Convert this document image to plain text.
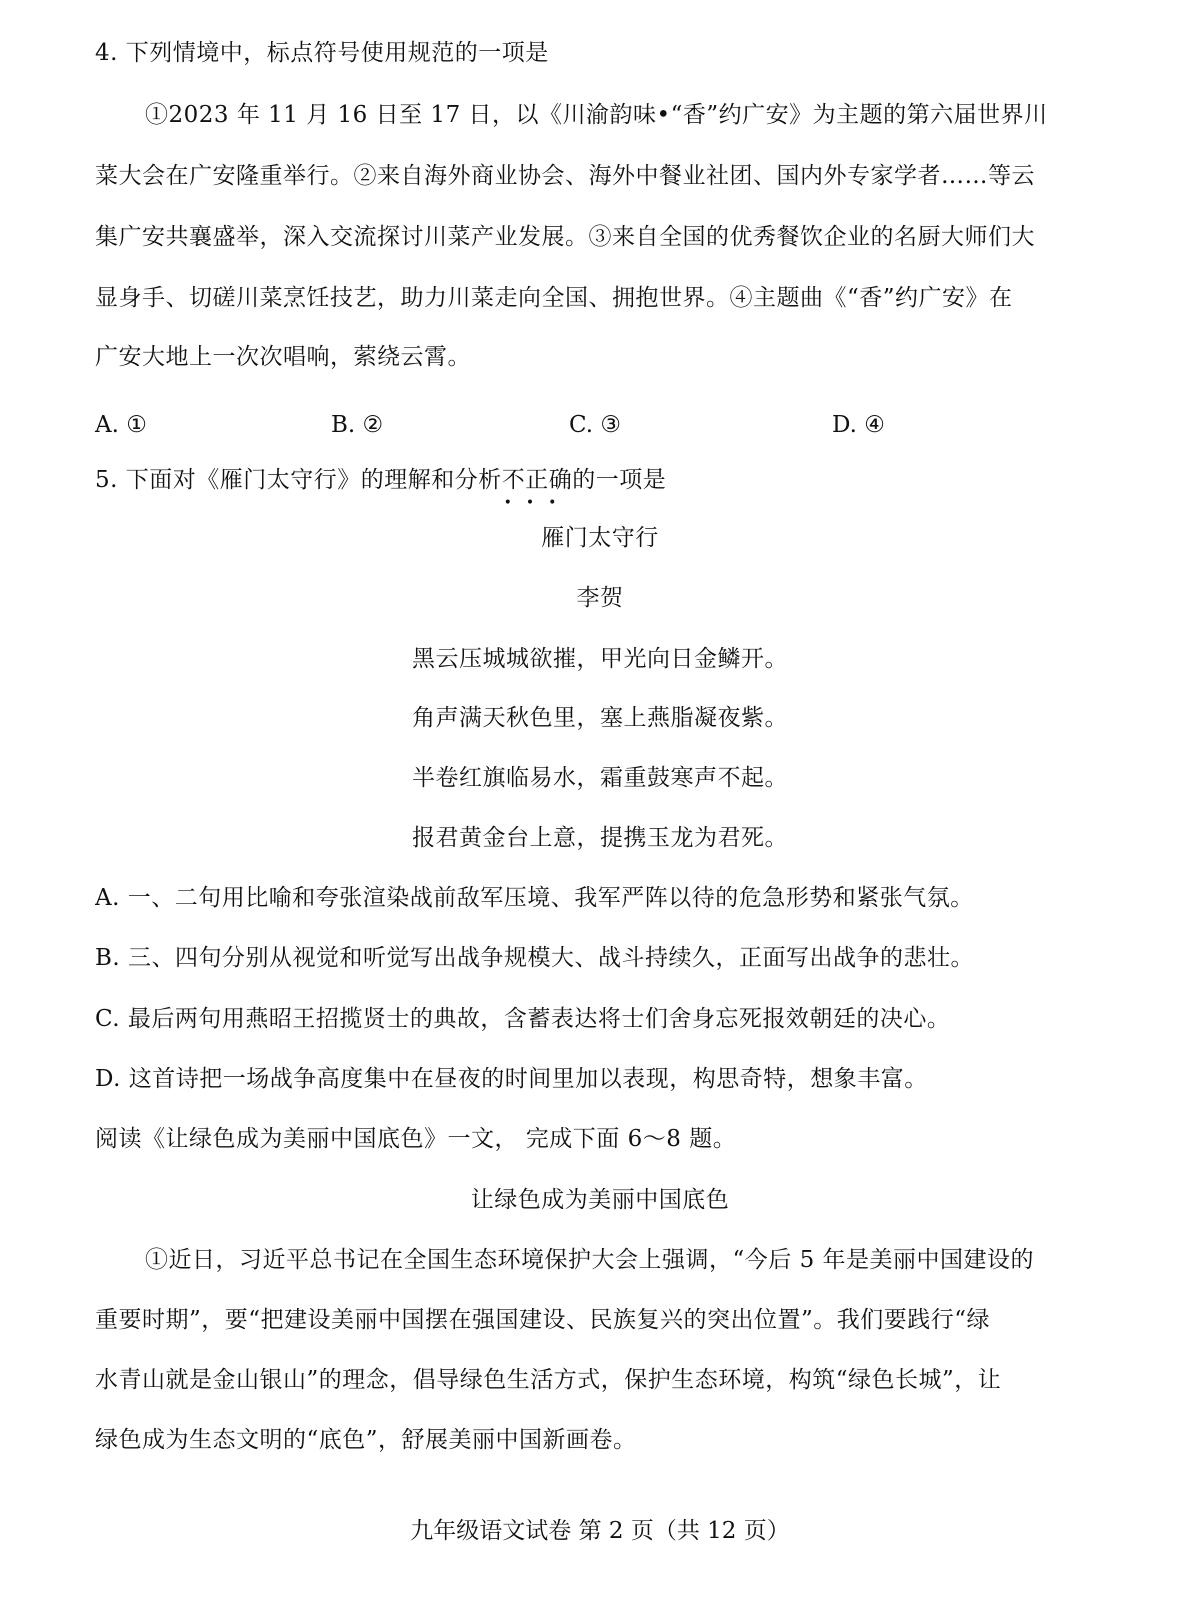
4. 下列情境中，标点符号使用规范的一项是
①2023 年 11 月 16 日至 17 日，以《川渝韵味•“香”约广安》为主题的第六届世界川
菜大会在广安隆重举行。②来自海外商业协会、海外中餐业社团、国内外专家学者……等云
集广安共襄盛举，深入交流探讨川菜产业发展。③来自全国的优秀餐饮企业的名厨大师们大
显身手、切磋川菜烹饪技艺，助力川菜走向全国、拥抱世界。④主题曲《“香”约广安》在
广安大地上一次次唱响，萦绕云霄。
A. ①	B. ②	C. ③	D. ④
5. 下面对《雁门太守行》的理解和分析不正确
•••
的一项是
雁门太守行
李贺
黑云压城城欲摧，甲光向日金鳞开。
角声满天秋色里，塞上燕脂凝夜紫。
半卷红旗临易水，霜重鼓寒声不起。
报君黄金台上意，提携玉龙为君死。
A. 一、二句用比喻和夸张渲染战前敌军压境、我军严阵以待的危急形势和紧张气氛。
B. 三、四句分别从视觉和听觉写出战争规模大、战斗持续久，正面写出战争的悲壮。
C. 最后两句用燕昭王招揽贤士的典故，含蓄表达将士们舍身忘死报效朝廷的决心。
D. 这首诗把一场战争高度集中在昼夜的时间里加以表现，构思奇特，想象丰富。
阅读《让绿色成为美丽中国底色》一文， 完成下面 6～8 题。
让绿色成为美丽中国底色
①近日，习近平总书记在全国生态环境保护大会上强调，“今后 5 年是美丽中国建设的
重要时期”，要“把建设美丽中国摆在强国建设、民族复兴的突出位置”。我们要践行“绿
水青山就是金山银山”的理念，倡导绿色生活方式，保护生态环境，构筑“绿色长城”，让
绿色成为生态文明的“底色”，舒展美丽中国新画卷。
九年级语文试卷 第 2 页（共 12 页）
